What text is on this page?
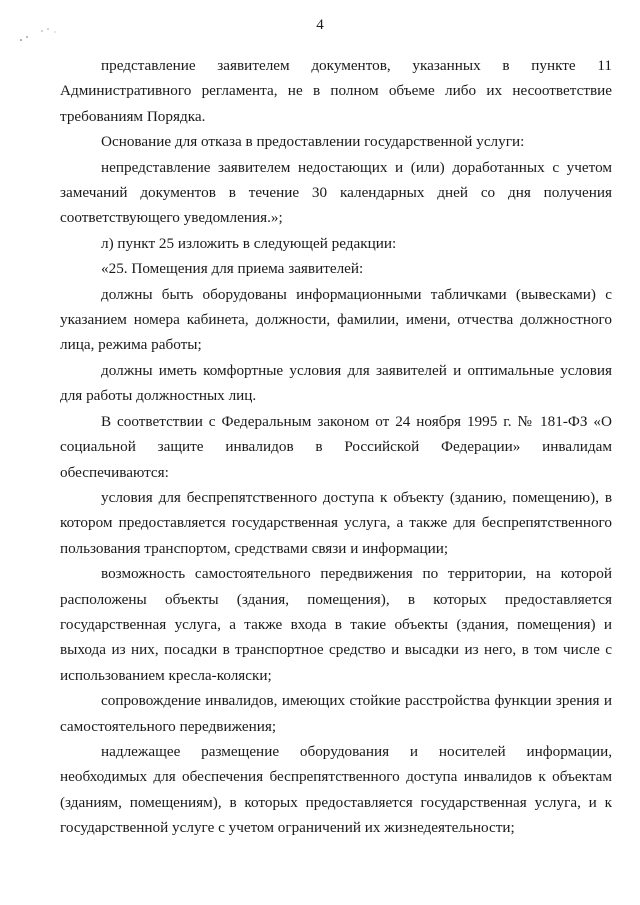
4

представление заявителем документов, указанных в пункте 11 Административного регламента, не в полном объеме либо их несоответствие требованиям Порядка.

Основание для отказа в предоставлении государственной услуги:

непредставление заявителем недостающих и (или) доработанных с учетом замечаний документов в течение 30 календарных дней со дня получения соответствующего уведомления.»;

л) пункт 25 изложить в следующей редакции:

«25. Помещения для приема заявителей:

должны быть оборудованы информационными табличками (вывесками) с указанием номера кабинета, должности, фамилии, имени, отчества должностного лица, режима работы;

должны иметь комфортные условия для заявителей и оптимальные условия для работы должностных лиц.

В соответствии с Федеральным законом от 24 ноября 1995 г. № 181-ФЗ «О социальной защите инвалидов в Российской Федерации» инвалидам обеспечиваются:

условия для беспрепятственного доступа к объекту (зданию, помещению), в котором предоставляется государственная услуга, а также для беспрепятственного пользования транспортом, средствами связи и информации;

возможность самостоятельного передвижения по территории, на которой расположены объекты (здания, помещения), в которых предоставляется государственная услуга, а также входа в такие объекты (здания, помещения) и выхода из них, посадки в транспортное средство и высадки из него, в том числе с использованием кресла-коляски;

сопровождение инвалидов, имеющих стойкие расстройства функции зрения и самостоятельного передвижения;

надлежащее размещение оборудования и носителей информации, необходимых для обеспечения беспрепятственного доступа инвалидов к объектам (зданиям, помещениям), в которых предоставляется государственная услуга, и к государственной услуге с учетом ограничений их жизнедеятельности;
